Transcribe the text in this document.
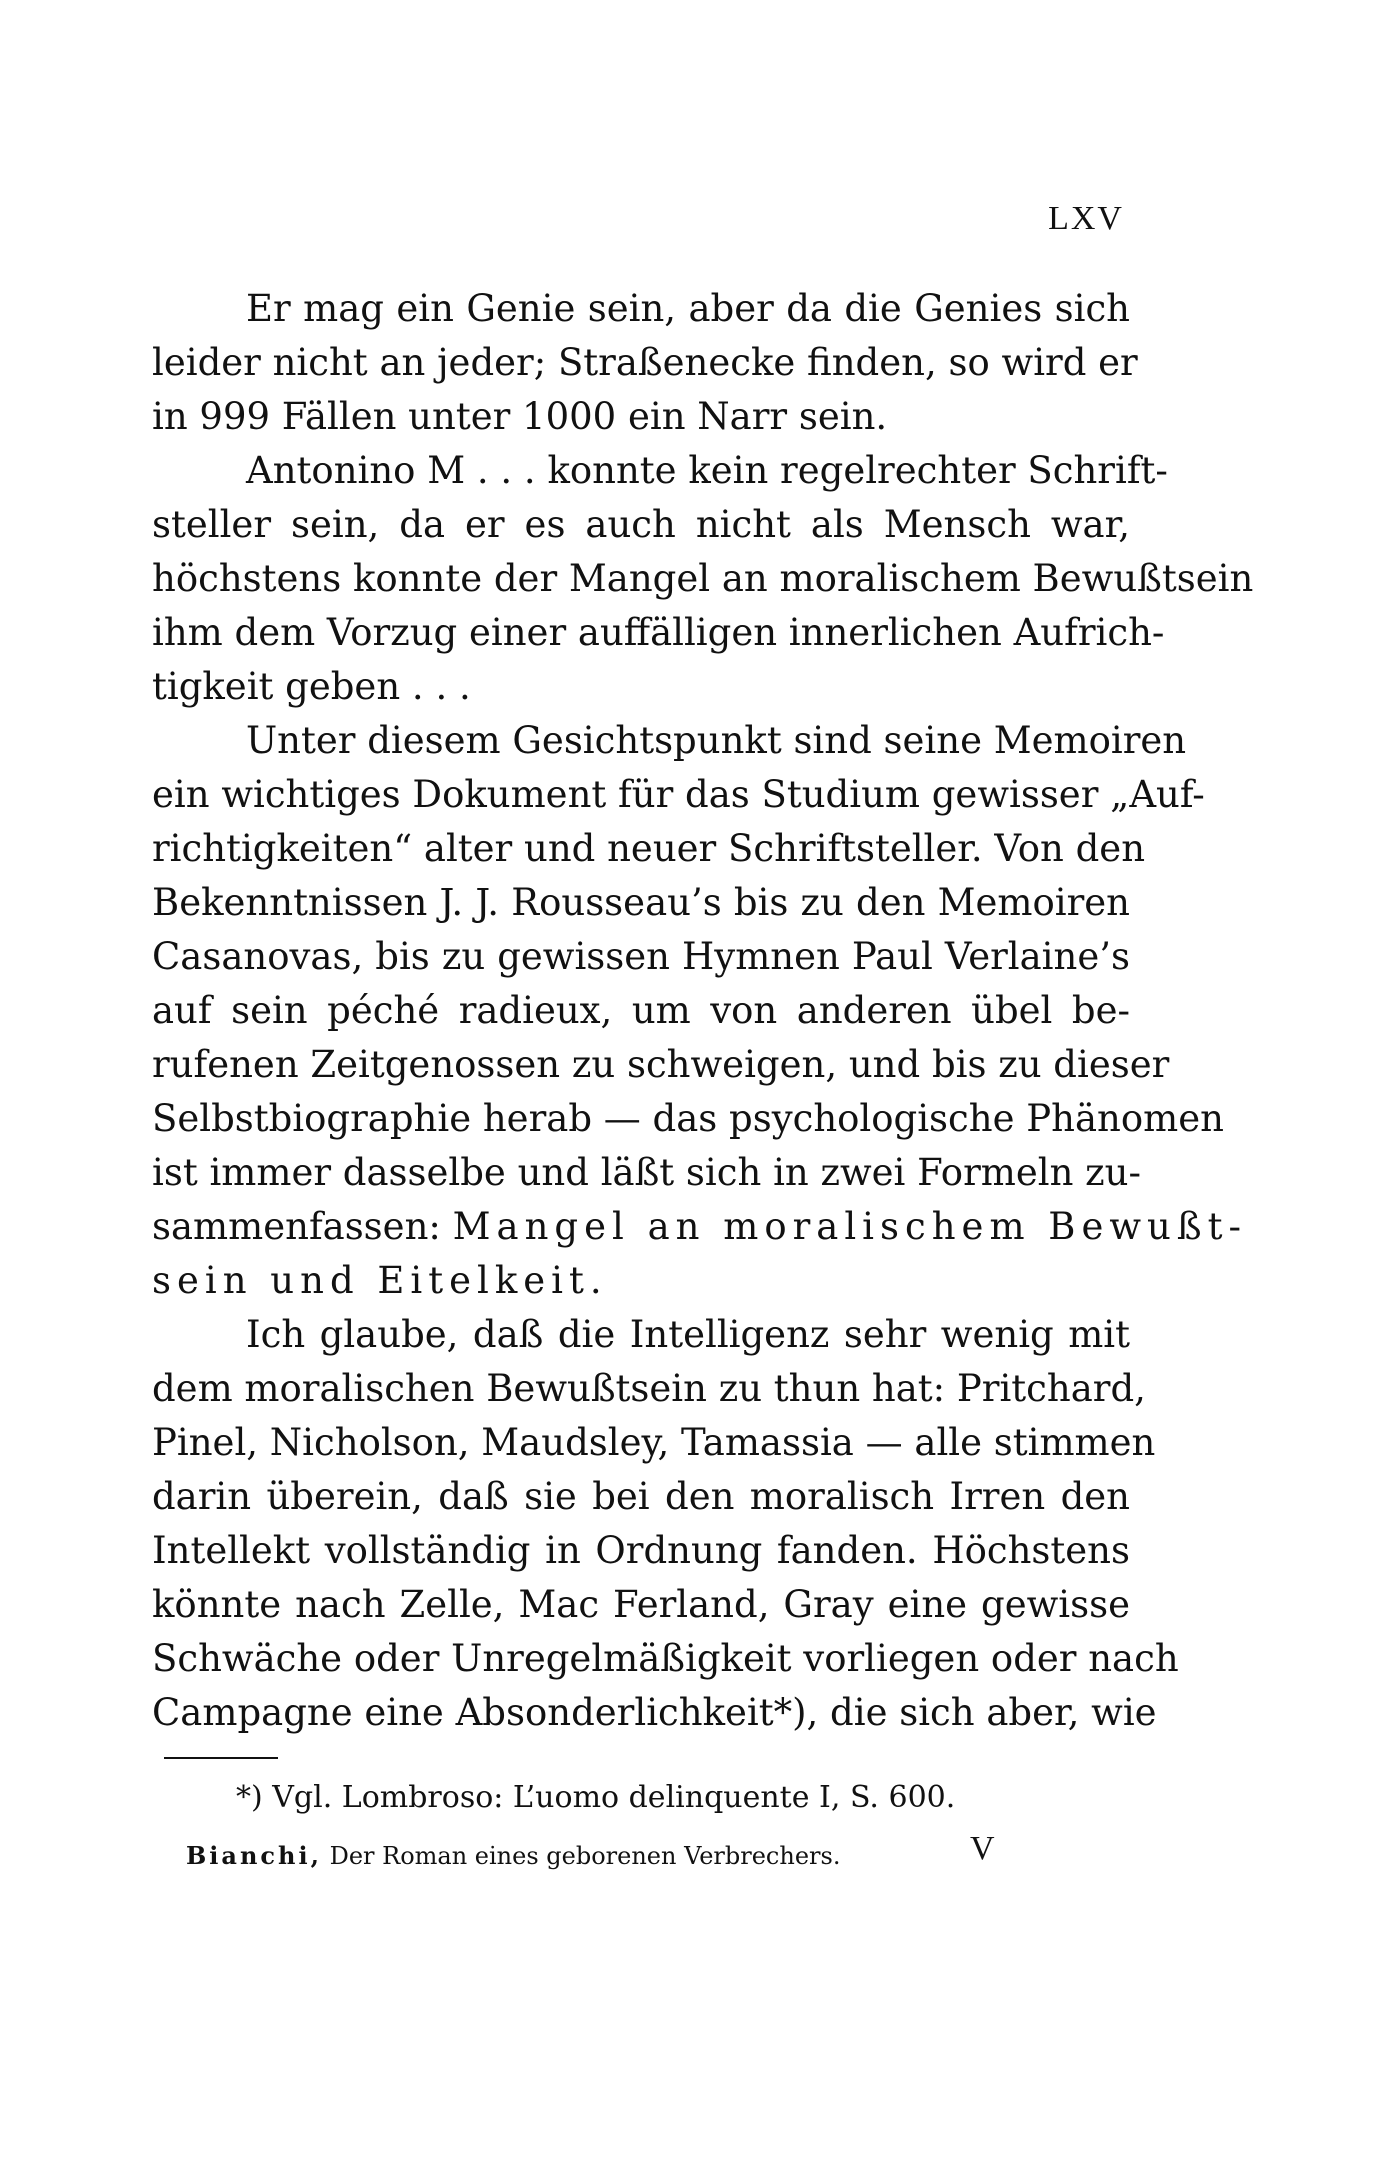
LXV
Er mag ein Genie sein, aber da die Genies sich
leider nicht an jeder; Straßenecke finden, so wird er
in 999 Fällen unter 1000 ein Narr sein.
Antonino M . . . konnte kein regelrechter Schrift-
steller sein, da er es auch nicht als Mensch war,
höchstens konnte der Mangel an moralischem Bewußtsein
ihm dem Vorzug einer auffälligen innerlichen Aufrich-
tigkeit geben . . .
Unter diesem Gesichtspunkt sind seine Memoiren
ein wichtiges Dokument für das Studium gewisser „Auf-
richtigkeiten“ alter und neuer Schriftsteller. Von den
Bekenntnissen J. J. Rousseau’s bis zu den Memoiren
Casanovas, bis zu gewissen Hymnen Paul Verlaine’s
auf sein péché radieux, um von anderen übel be-
rufenen Zeitgenossen zu schweigen, und bis zu dieser
Selbstbiographie herab — das psychologische Phänomen
ist immer dasselbe und läßt sich in zwei Formeln zu-
sammenfassen: Mangel an moralischem Bewußt-
sein und Eitelkeit.
Ich glaube, daß die Intelligenz sehr wenig mit
dem moralischen Bewußtsein zu thun hat: Pritchard,
Pinel, Nicholson, Maudsley, Tamassia — alle stimmen
darin überein, daß sie bei den moralisch Irren den
Intellekt vollständig in Ordnung fanden. Höchstens
könnte nach Zelle, Mac Ferland, Gray eine gewisse
Schwäche oder Unregelmäßigkeit vorliegen oder nach
Campagne eine Absonderlichkeit*), die sich aber, wie
*) Vgl. Lombroso: L’uomo delinquente I, S. 600.
Bianchi, Der Roman eines geborenen Verbrechers.	V
